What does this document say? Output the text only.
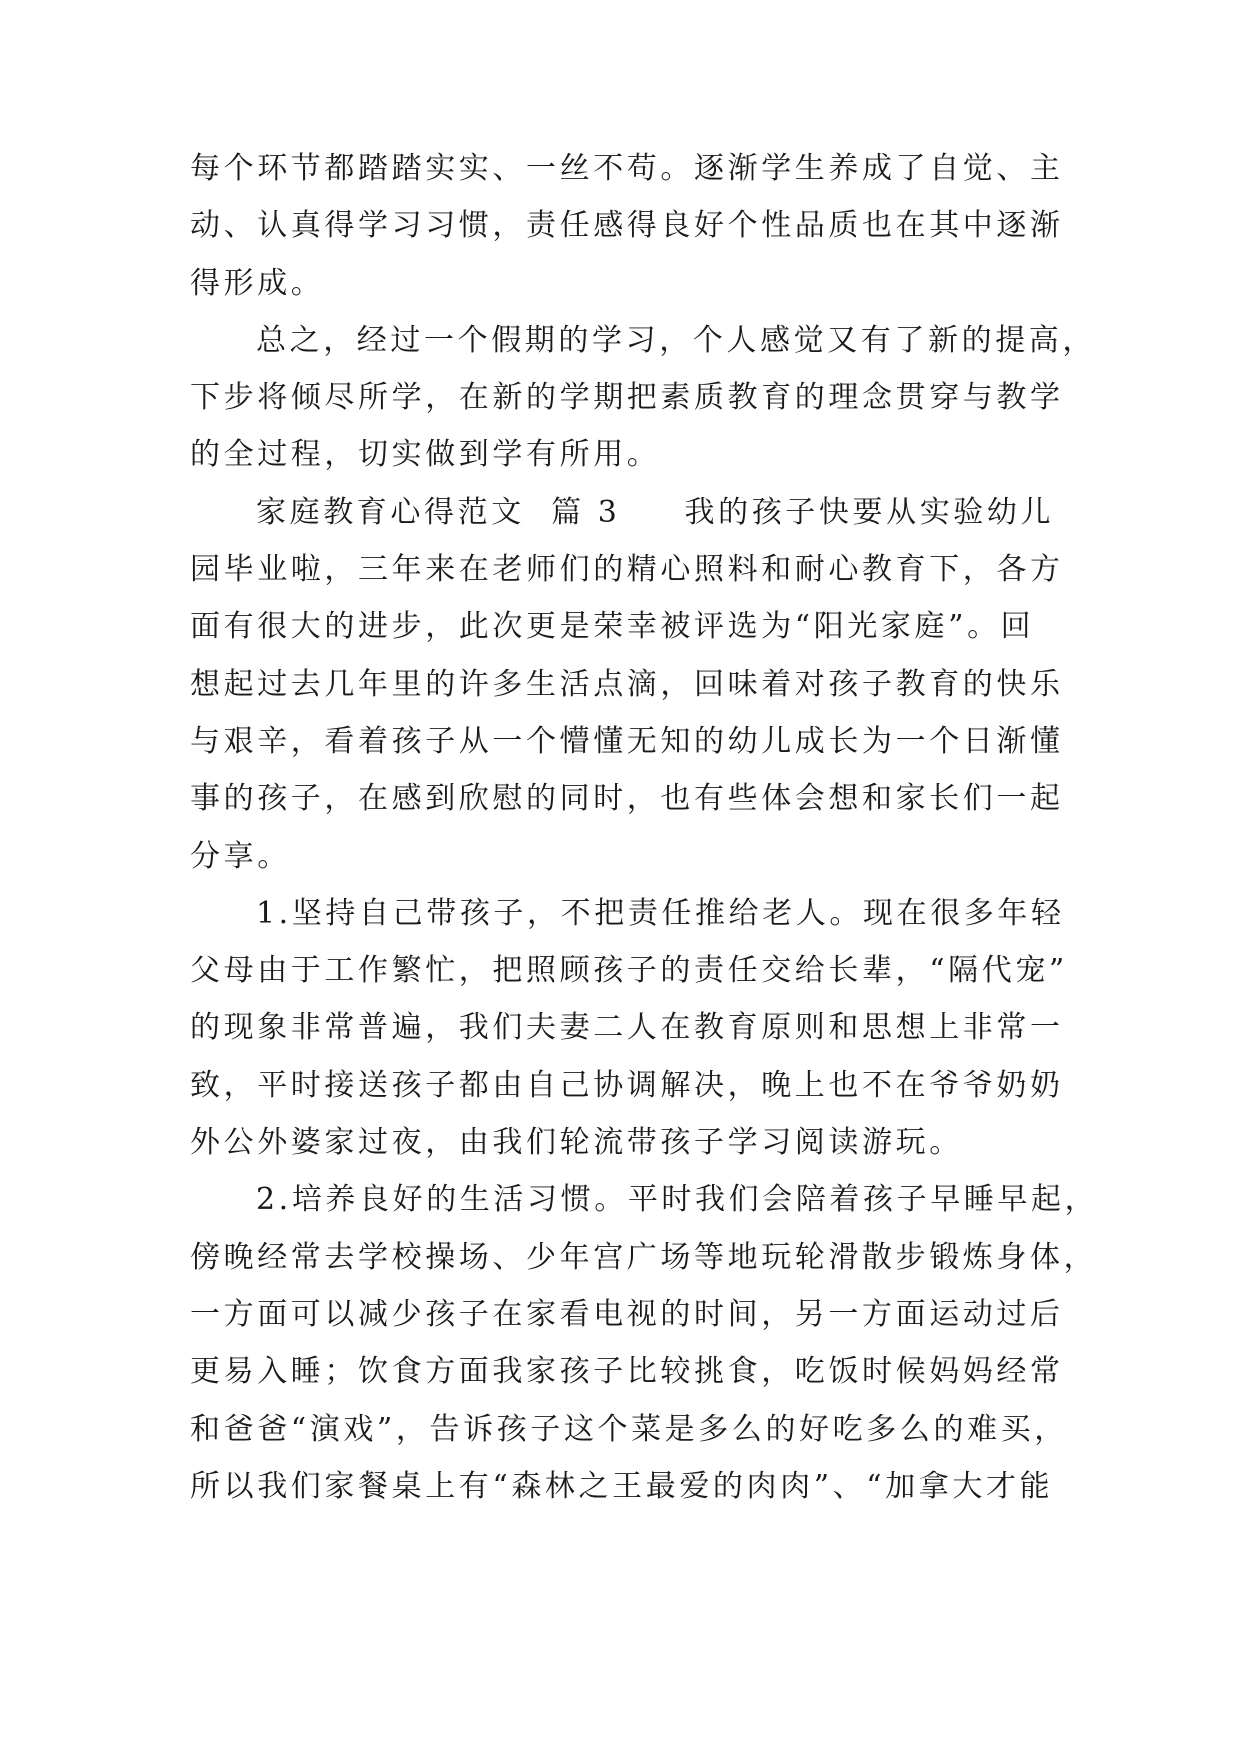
每个环节都踏踏实实、一丝不苟。逐渐学生养成了自觉、主
动、认真得学习习惯，责任感得良好个性品质也在其中逐渐
得形成。
总之，经过一个假期的学习，个人感觉又有了新的提高，
下步将倾尽所学，在新的学期把素质教育的理念贯穿与教学
的全过程，切实做到学有所用。
家庭教育心得范文  篇 3 我的孩子快要从实验幼儿
园毕业啦，三年来在老师们的精心照料和耐心教育下，各方
面有很大的进步，此次更是荣幸被评选为“阳光家庭”。回
想起过去几年里的许多生活点滴，回味着对孩子教育的快乐
与艰辛，看着孩子从一个懵懂无知的幼儿成长为一个日渐懂
事的孩子，在感到欣慰的同时，也有些体会想和家长们一起
分享。
1.坚持自己带孩子，不把责任推给老人。现在很多年轻
父母由于工作繁忙，把照顾孩子的责任交给长辈，“隔代宠”
的现象非常普遍，我们夫妻二人在教育原则和思想上非常一
致，平时接送孩子都由自己协调解决，晚上也不在爷爷奶奶
外公外婆家过夜，由我们轮流带孩子学习阅读游玩。
2.培养良好的生活习惯。平时我们会陪着孩子早睡早起，
傍晚经常去学校操场、少年宫广场等地玩轮滑散步锻炼身体，
一方面可以减少孩子在家看电视的时间，另一方面运动过后
更易入睡；饮食方面我家孩子比较挑食，吃饭时候妈妈经常
和爸爸“演戏”，告诉孩子这个菜是多么的好吃多么的难买，
所以我们家餐桌上有“森林之王最爱的肉肉”、“加拿大才能
